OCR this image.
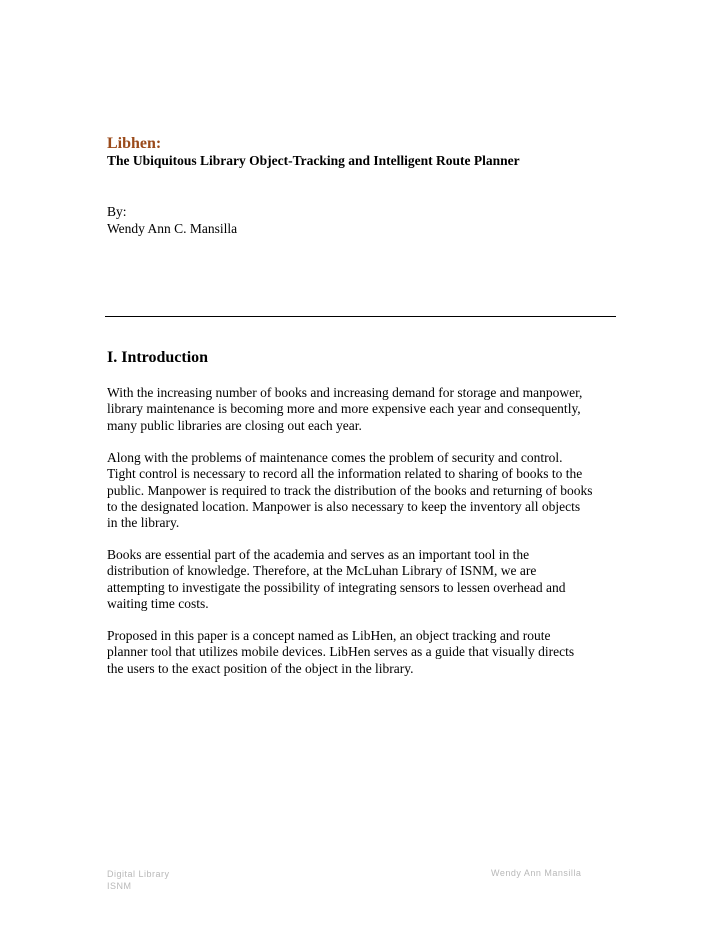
Libhen:
The Ubiquitous Library Object-Tracking and Intelligent Route Planner
By:
Wendy Ann C. Mansilla
I. Introduction
With the increasing number of books and increasing demand for storage and manpower,
library maintenance is becoming more and more expensive each year and consequently,
many public libraries are closing out each year.
Along with the problems of maintenance comes the problem of security and control.
Tight control is necessary to record all the information related to sharing of books to the
public. Manpower is required to track the distribution of the books and returning of books
to the designated location. Manpower is also necessary to keep the inventory all objects
in the library.
Books are essential part of the academia and serves as an important tool in the
distribution of knowledge. Therefore, at the McLuhan Library of ISNM, we are
attempting to investigate the possibility of integrating sensors to lessen overhead and
waiting time costs.
Proposed in this paper is a concept named as LibHen, an object tracking and route
planner tool that utilizes mobile devices. LibHen serves as a guide that visually directs
the users to the exact position of the object in the library.
Digital Library
ISNM
Wendy Ann Mansilla
